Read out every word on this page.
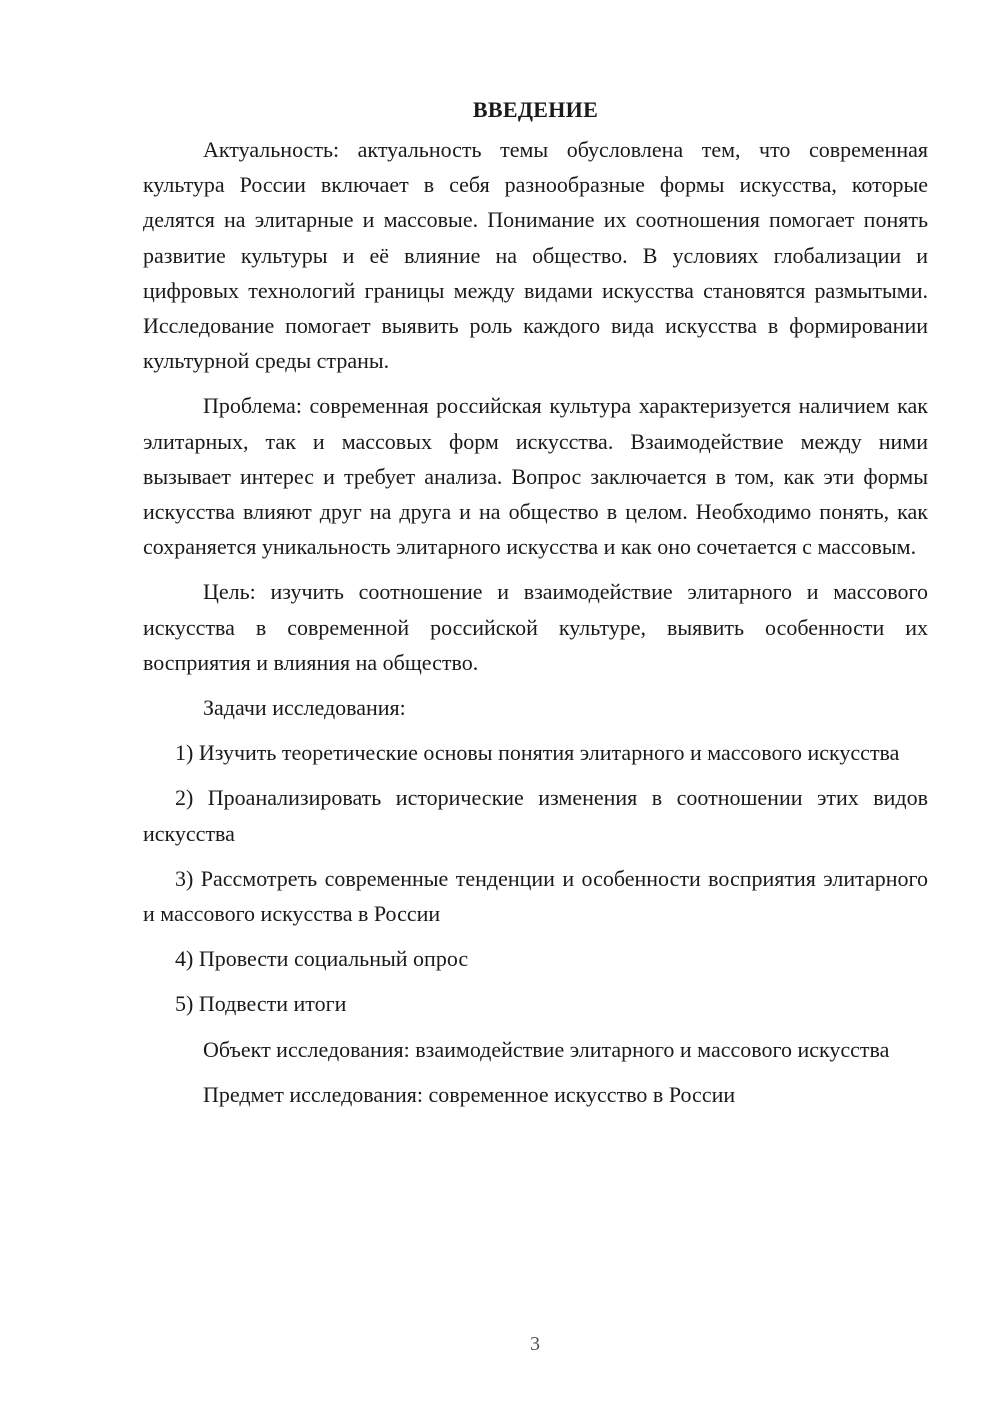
ВВЕДЕНИЕ

Актуальность: актуальность темы обусловлена тем, что современная культура России включает в себя разнообразные формы искусства, которые делятся на элитарные и массовые. Понимание их соотношения помогает понять развитие культуры и её влияние на общество. В условиях глобализации и цифровых технологий границы между видами искусства становятся размытыми. Исследование помогает выявить роль каждого вида искусства в формировании культурной среды страны.

Проблема: современная российская культура характеризуется наличием как элитарных, так и массовых форм искусства. Взаимодействие между ними вызывает интерес и требует анализа. Вопрос заключается в том, как эти формы искусства влияют друг на друга и на общество в целом. Необходимо понять, как сохраняется уникальность элитарного искусства и как оно сочетается с массовым.

Цель: изучить соотношение и взаимодействие элитарного и массового искусства в современной российской культуре, выявить особенности их восприятия и влияния на общество.

Задачи исследования:

1) Изучить теоретические основы понятия элитарного и массового искусства

2) Проанализировать исторические изменения в соотношении этих видов искусства

3) Рассмотреть современные тенденции и особенности восприятия элитарного и массового искусства в России

4) Провести социальный опрос

5) Подвести итоги

Объект исследования: взаимодействие элитарного и массового искусства

Предмет исследования: современное искусство в России

3
